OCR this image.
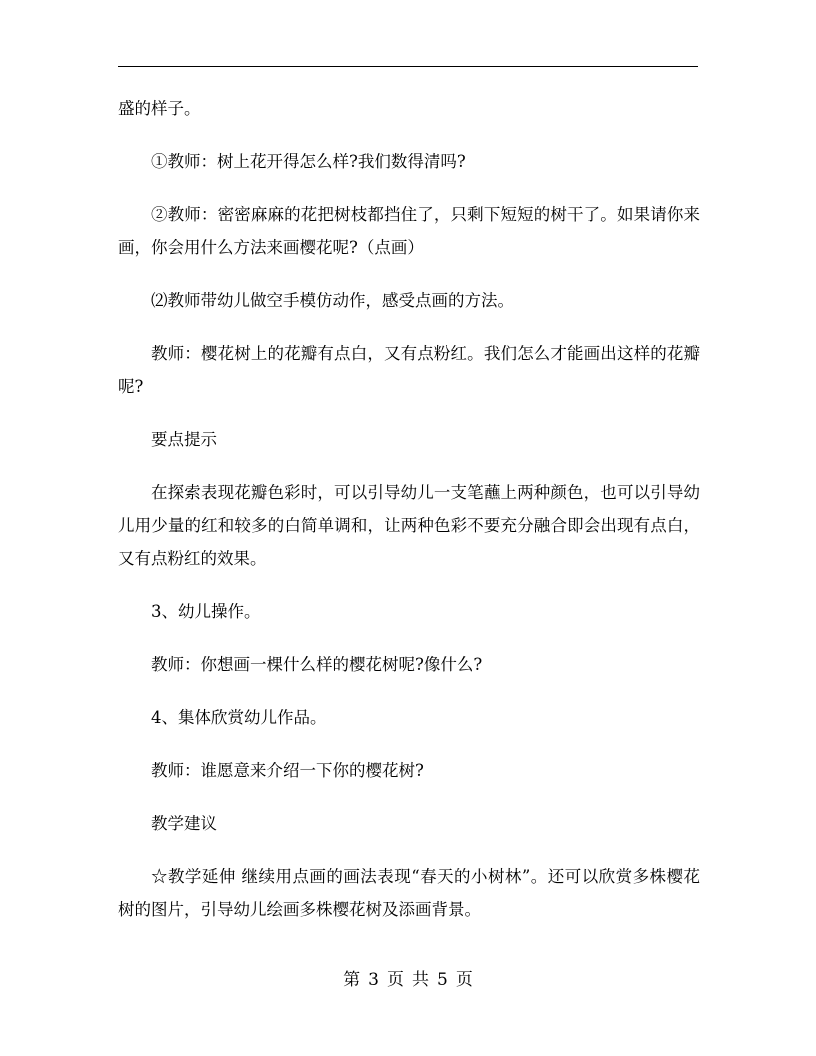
盛的样子。

①教师：树上花开得怎么样?我们数得清吗?

②教师：密密麻麻的花把树枝都挡住了，只剩下短短的树干了。如果请你来画，你会用什么方法来画樱花呢?（点画）

⑵教师带幼儿做空手模仿动作，感受点画的方法。

教师：樱花树上的花瓣有点白，又有点粉红。我们怎么才能画出这样的花瓣呢?

要点提示

在探索表现花瓣色彩时，可以引导幼儿一支笔蘸上两种颜色，也可以引导幼儿用少量的红和较多的白简单调和，让两种色彩不要充分融合即会出现有点白，又有点粉红的效果。

3、幼儿操作。

教师：你想画一棵什么样的樱花树呢?像什么?

4、集体欣赏幼儿作品。

教师：谁愿意来介绍一下你的樱花树?

教学建议

☆教学延伸 继续用点画的画法表现“春天的小树林”。还可以欣赏多株樱花树的图片，引导幼儿绘画多株樱花树及添画背景。

第 3 页 共 5 页
